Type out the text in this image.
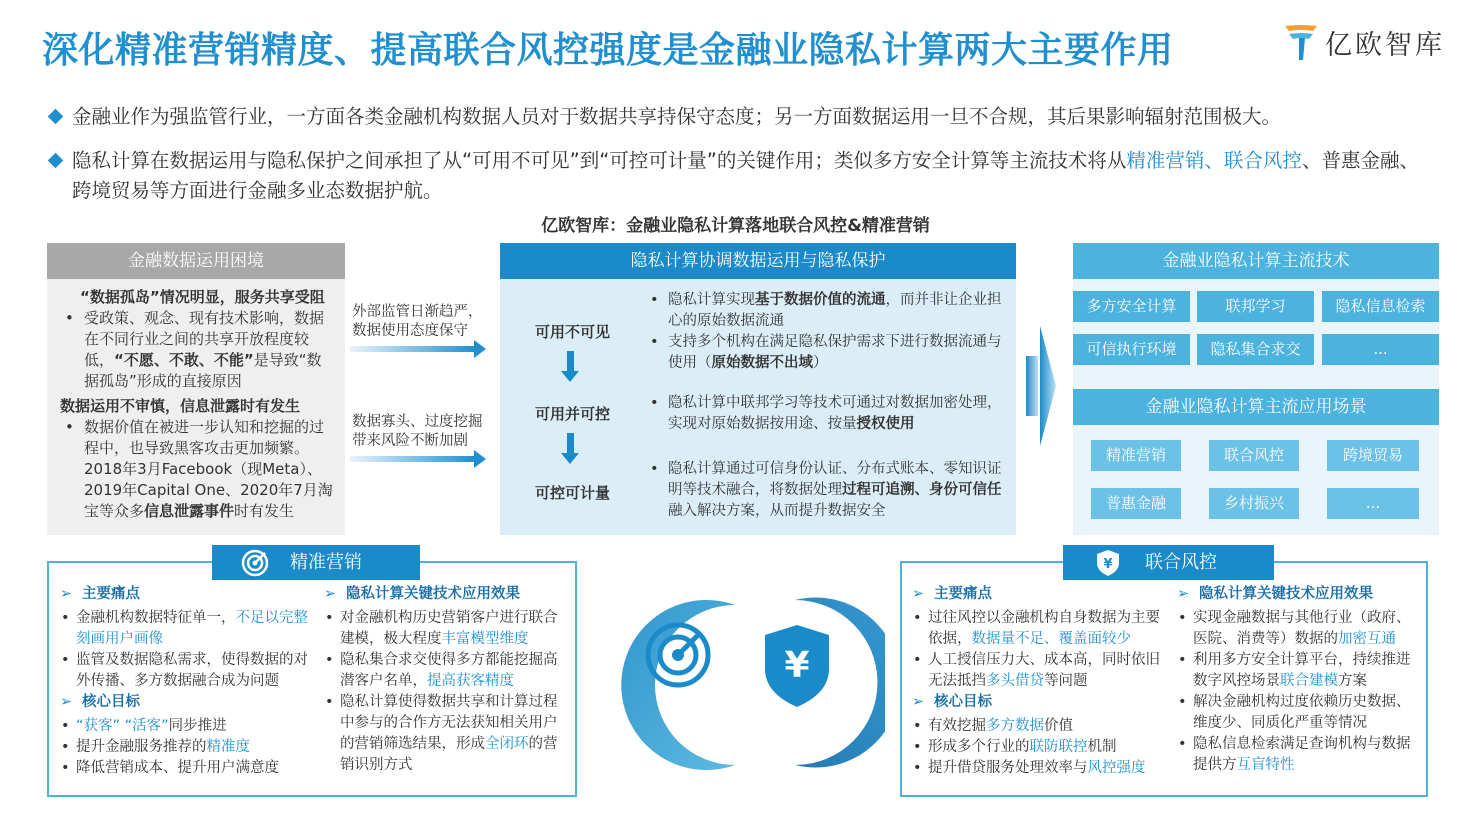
深化精准营销精度、提高联合风控强度是金融业隐私计算两大主要作用	亿欧智库
金融业作为强监管行业，一方面各类金融机构数据人员对于数据共享持保守态度；另一方面数据运用一旦不合规，其后果影响辐射范围极大。
隐私计算在数据运用与隐私保护之间承担了从“可用不可见”到“可控可计量”的关键作用；类似多方安全计算等主流技术将从精准营销、联合风控、普惠金融、跨境贸易等方面进行金融多业态数据护航。
亿欧智库：金融业隐私计算落地联合风控&精准营销
金融数据运用困境
“数据孤岛”情况明显，服务共享受阻
• 受政策、观念、现有技术影响，数据在不同行业之间的共享开放程度较低，“不愿、不敢、不能”是导致“数据孤岛”形成的直接原因
数据运用不审慎，信息泄露时有发生
• 数据价值在被进一步认知和挖掘的过程中，也导致黑客攻击更加频繁。2018年3月Facebook（现Meta）、2019年Capital One、2020年7月淘宝等众多信息泄露事件时有发生
外部监管日渐趋严，
数据使用态度保守
数据寡头、过度挖掘
带来风险不断加剧
隐私计算协调数据运用与隐私保护
可用不可见
可用并可控
可控可计量
• 隐私计算实现基于数据价值的流通，而并非让企业担心的原始数据流通
• 支持多个机构在满足隐私保护需求下进行数据流通与使用（原始数据不出域）
• 隐私计算中联邦学习等技术可通过对数据加密处理，实现对原始数据按用途、按量授权使用
• 隐私计算通过可信身份认证、分布式账本、零知识证明等技术融合，将数据处理过程可追溯、身份可信任融入解决方案，从而提升数据安全
金融业隐私计算主流技术
多方安全计算	联邦学习	隐私信息检索
可信执行环境	隐私集合求交	...
金融业隐私计算主流应用场景
精准营销	联合风控	跨境贸易
普惠金融	乡村振兴	...
精准营销
➢ 主要痛点
• 金融机构数据特征单一，不足以完整刻画用户画像
• 监管及数据隐私需求，使得数据的对外传播、多方数据融合成为问题
➢ 核心目标
• “获客” “活客”同步推进
• 提升金融服务推荐的精准度
• 降低营销成本、提升用户满意度
➢ 隐私计算关键技术应用效果
• 对金融机构历史营销客户进行联合建模，极大程度丰富模型维度
• 隐私集合求交使得多方都能挖掘高潜客户名单，提高获客精度
• 隐私计算使得数据共享和计算过程中参与的合作方无法获知相关用户的营销筛选结果，形成全闭环的营销识别方式
¥
¥ 联合风控
➢ 主要痛点
• 过往风控以金融机构自身数据为主要依据，数据量不足、覆盖面较少
• 人工授信压力大、成本高，同时依旧无法抵挡多头借贷等问题
➢ 核心目标
• 有效挖掘多方数据价值
• 形成多个行业的联防联控机制
• 提升借贷服务处理效率与风控强度
➢ 隐私计算关键技术应用效果
• 实现金融数据与其他行业（政府、医院、消费等）数据的加密互通
• 利用多方安全计算平台，持续推进数字风控场景联合建模方案
• 解决金融机构过度依赖历史数据、维度少、同质化严重等情况
• 隐私信息检索满足查询机构与数据提供方互盲特性
